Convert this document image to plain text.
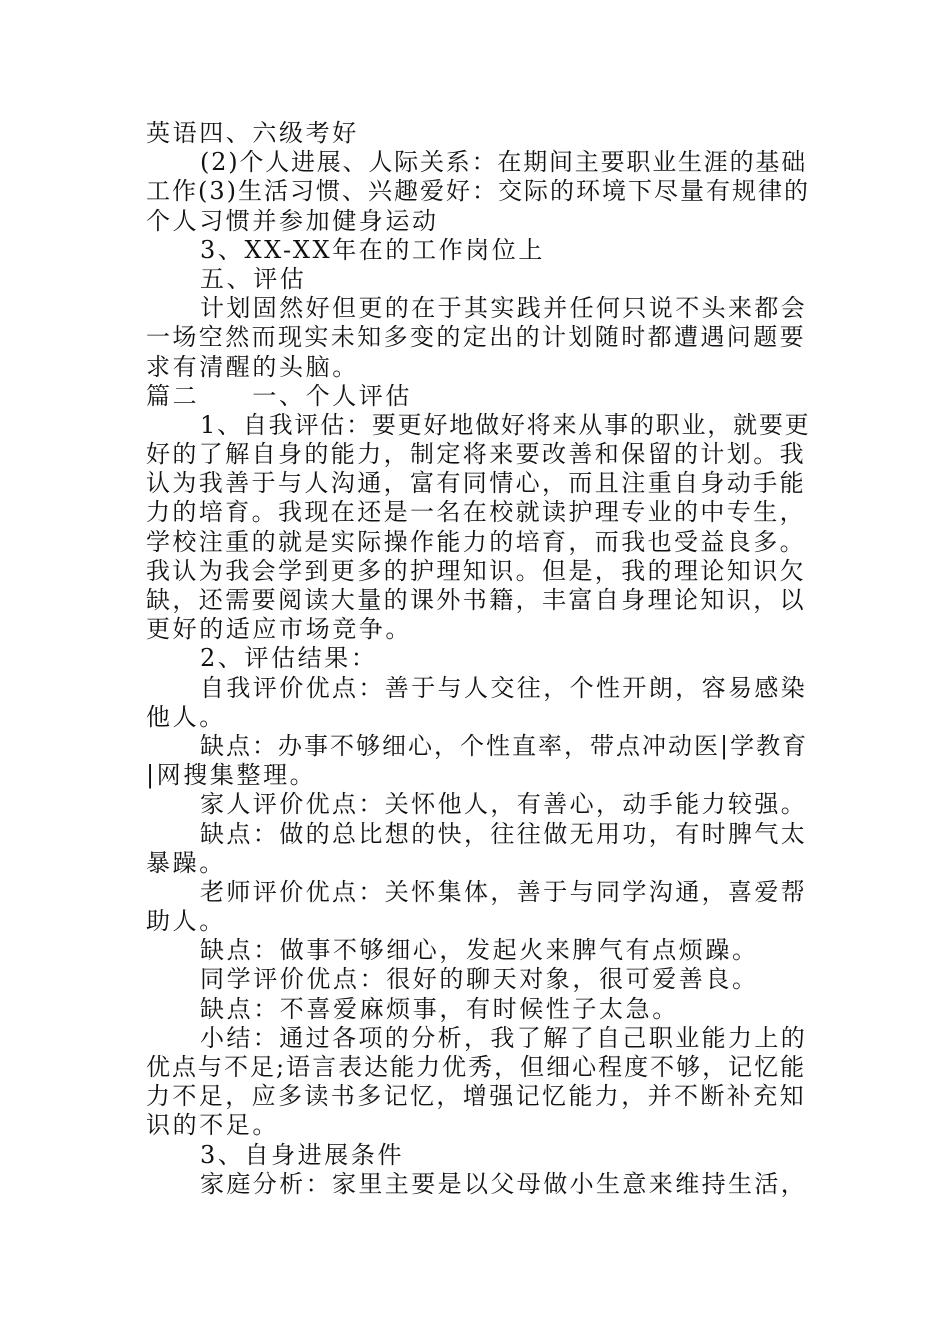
英语四、六级考好
(2)个人进展、人际关系：在期间主要职业生涯的基础
工作(3)生活习惯、兴趣爱好：交际的环境下尽量有规律的
个人习惯并参加健身运动
3、XX-XX年在的工作岗位上
五、评估
计划固然好但更的在于其实践并任何只说不头来都会
一场空然而现实未知多变的定出的计划随时都遭遇问题要
求有清醒的头脑。
篇二　　一、个人评估
1、自我评估：要更好地做好将来从事的职业，就要更
好的了解自身的能力，制定将来要改善和保留的计划。我
认为我善于与人沟通，富有同情心，而且注重自身动手能
力的培育。我现在还是一名在校就读护理专业的中专生，
学校注重的就是实际操作能力的培育，而我也受益良多。
我认为我会学到更多的护理知识。但是，我的理论知识欠
缺，还需要阅读大量的课外书籍，丰富自身理论知识，以
更好的适应市场竞争。
2、评估结果：
自我评价优点：善于与人交往，个性开朗，容易感染
他人。
缺点：办事不够细心，个性直率，带点冲动医|学教育
|网搜集整理。
家人评价优点：关怀他人，有善心，动手能力较强。
缺点：做的总比想的快，往往做无用功，有时脾气太
暴躁。
老师评价优点：关怀集体，善于与同学沟通，喜爱帮
助人。
缺点：做事不够细心，发起火来脾气有点烦躁。
同学评价优点：很好的聊天对象，很可爱善良。
缺点：不喜爱麻烦事，有时候性子太急。
小结：通过各项的分析，我了解了自己职业能力上的
优点与不足;语言表达能力优秀，但细心程度不够，记忆能
力不足，应多读书多记忆，增强记忆能力，并不断补充知
识的不足。
3、自身进展条件
家庭分析：家里主要是以父母做小生意来维持生活，
